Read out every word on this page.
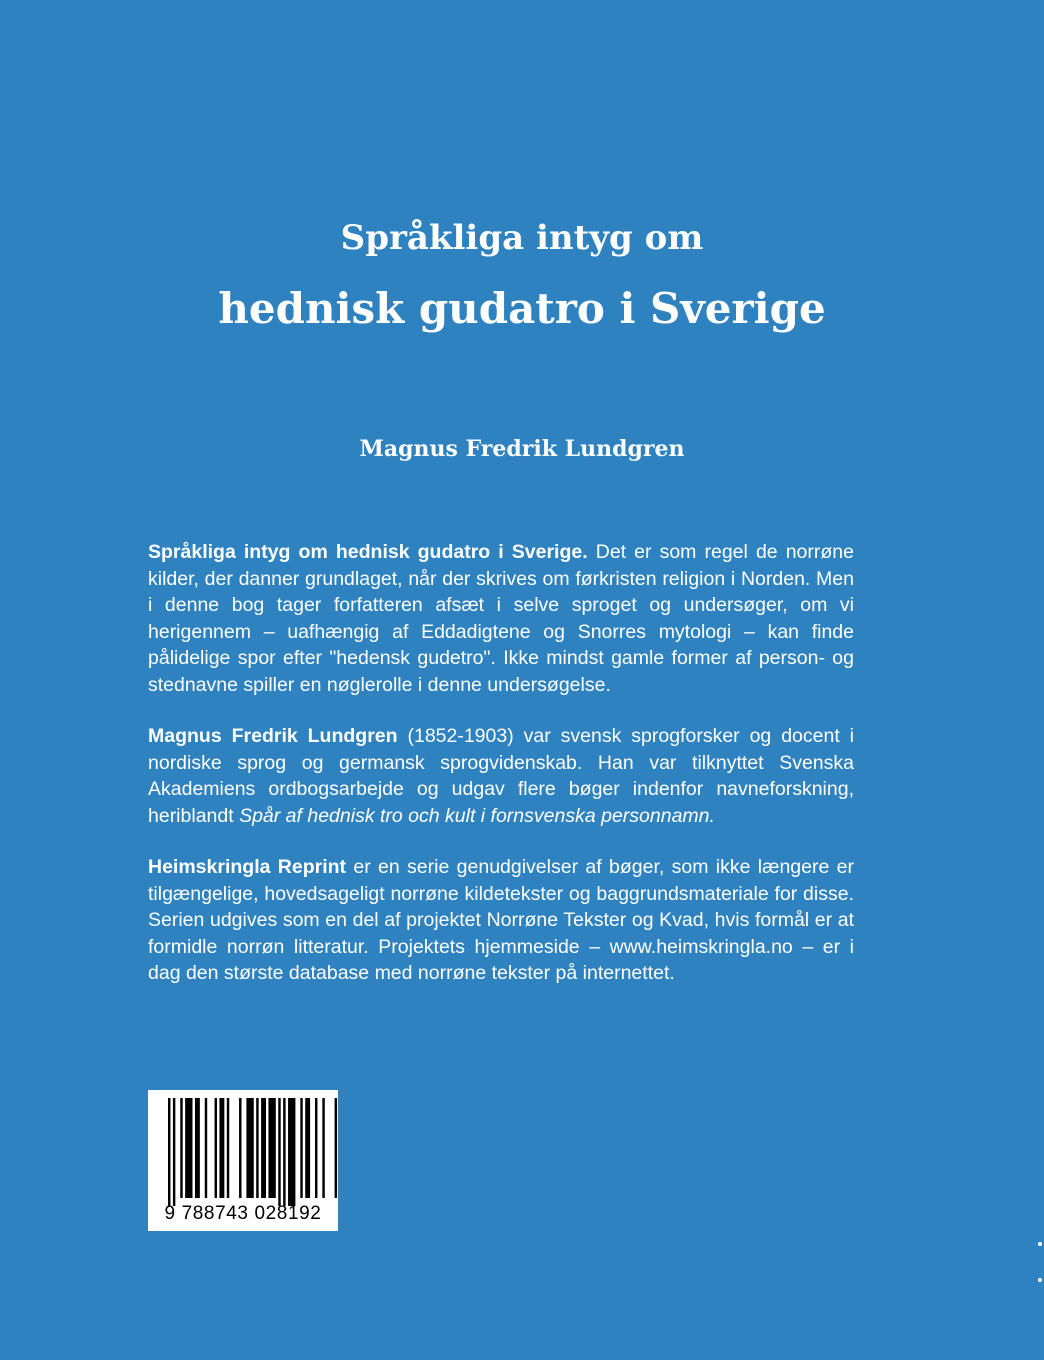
Språkliga intyg om
hednisk gudatro i Sverige
Magnus Fredrik Lundgren

Språkliga intyg om hednisk gudatro i Sverige. Det er som regel de norrøne kilder, der danner grundlaget, når der skrives om førkristen religion i Norden. Men i denne bog tager forfatteren afsæt i selve sproget og undersøger, om vi herigennem – uafhængig af Eddadigtene og Snorres mytologi – kan finde pålidelige spor efter "hedensk gudetro". Ikke mindst gamle former af person- og stednavne spiller en nøglerolle i denne undersøgelse.

Magnus Fredrik Lundgren (1852-1903) var svensk sprogforsker og docent i nordiske sprog og germansk sprogvidenskab. Han var tilknyttet Svenska Akademiens ordbogsarbejde og udgav flere bøger indenfor navneforskning, heriblandt Spår af hednisk tro och kult i fornsvenska personnamn.

Heimskringla Reprint er en serie genudgivelser af bøger, som ikke længere er tilgængelige, hovedsageligt norrøne kildetekster og baggrundsmateriale for disse. Serien udgives som en del af projektet Norrøne Tekster og Kvad, hvis formål er at formidle norrøn litteratur. Projektets hjemmeside – www.heimskringla.no – er i dag den største database med norrøne tekster på internettet.

9 788743 028192
